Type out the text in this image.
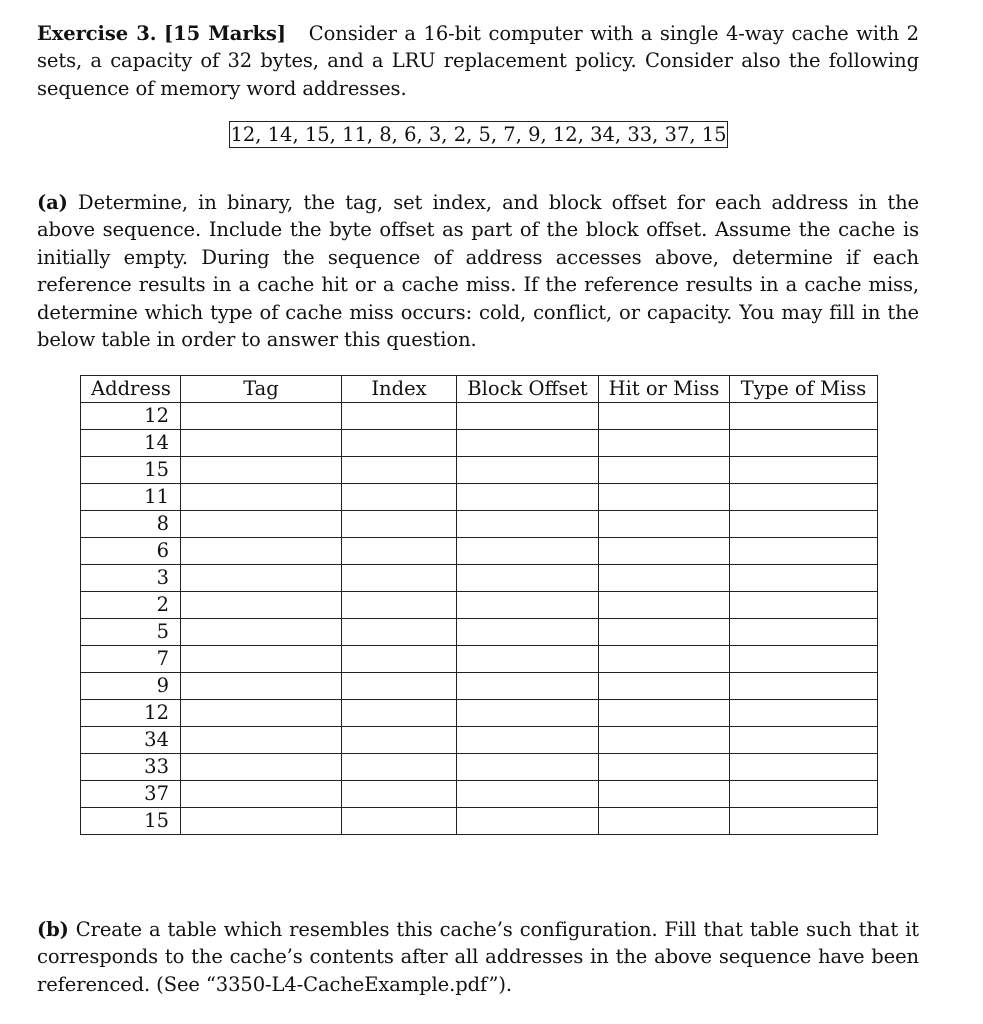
Exercise 3. [15 Marks] Consider a 16-bit computer with a single 4-way cache with 2 sets, a capacity of 32 bytes, and a LRU replacement policy. Consider also the following sequence of memory word addresses.

12, 14, 15, 11, 8, 6, 3, 2, 5, 7, 9, 12, 34, 33, 37, 15

(a) Determine, in binary, the tag, set index, and block offset for each address in the above sequence. Include the byte offset as part of the block offset. Assume the cache is initially empty. During the sequence of address accesses above, determine if each reference results in a cache hit or a cache miss. If the reference results in a cache miss, determine which type of cache miss occurs: cold, conflict, or capacity. You may fill in the below table in order to answer this question.

Address	Tag	Index	Block Offset	Hit or Miss	Type of Miss
12					
14					
15					
11					
8					
6					
3					
2					
5					
7					
9					
12					
34					
33					
37					
15					

(b) Create a table which resembles this cache’s configuration. Fill that table such that it corresponds to the cache’s contents after all addresses in the above sequence have been referenced. (See “3350-L4-CacheExample.pdf”).
